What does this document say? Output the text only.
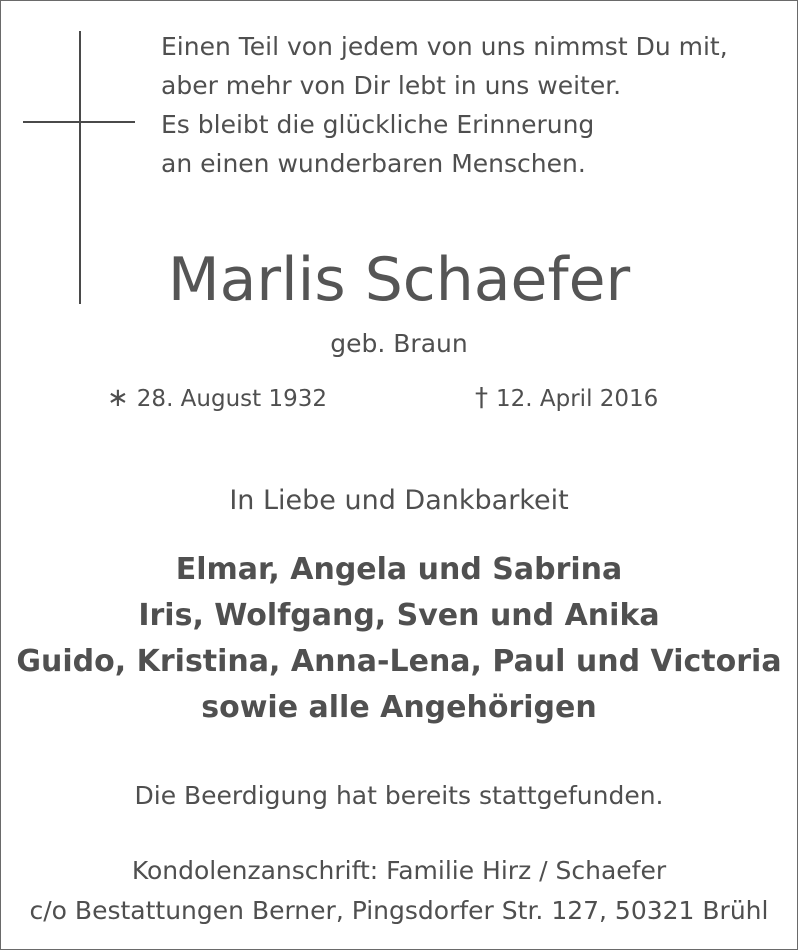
Einen Teil von jedem von uns nimmst Du mit,
aber mehr von Dir lebt in uns weiter.
Es bleibt die glückliche Erinnerung
an einen wunderbaren Menschen.
Marlis Schaefer
geb. Braun
∗ 28. August 1932	† 12. April 2016
In Liebe und Dankbarkeit
Elmar, Angela und Sabrina
Iris, Wolfgang, Sven und Anika
Guido, Kristina, Anna-Lena, Paul und Victoria
sowie alle Angehörigen
Die Beerdigung hat bereits stattgefunden.
Kondolenzanschrift: Familie Hirz / Schaefer
c/o Bestattungen Berner, Pingsdorfer Str. 127, 50321 Brühl
